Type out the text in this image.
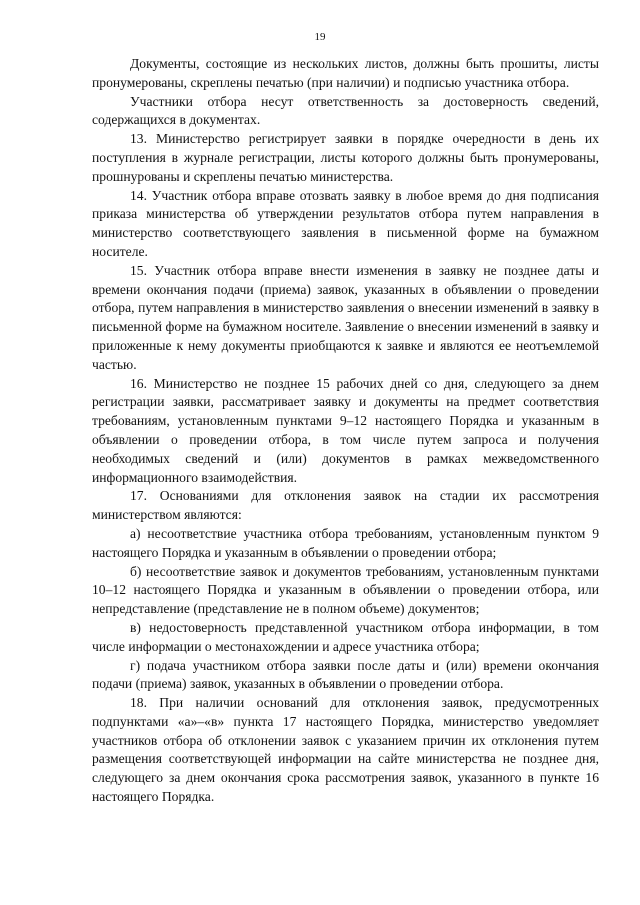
19

Документы, состоящие из нескольких листов, должны быть прошиты, листы пронумерованы, скреплены печатью (при наличии) и подписью участника отбора.

Участники отбора несут ответственность за достоверность сведений, содержащихся в документах.

13. Министерство регистрирует заявки в порядке очередности в день их поступления в журнале регистрации, листы которого должны быть пронумерованы, прошнурованы и скреплены печатью министерства.

14. Участник отбора вправе отозвать заявку в любое время до дня подписания приказа министерства об утверждении результатов отбора путем направления в министерство соответствующего заявления в письменной форме на бумажном носителе.

15. Участник отбора вправе внести изменения в заявку не позднее даты и времени окончания подачи (приема) заявок, указанных в объявлении о проведении отбора, путем направления в министерство заявления о внесении изменений в заявку в письменной форме на бумажном носителе. Заявление о внесении изменений в заявку и приложенные к нему документы приобщаются к заявке и являются ее неотъемлемой частью.

16. Министерство не позднее 15 рабочих дней со дня, следующего за днем регистрации заявки, рассматривает заявку и документы на предмет соответствия требованиям, установленным пунктами 9–12 настоящего Порядка и указанным в объявлении о проведении отбора, в том числе путем запроса и получения необходимых сведений и (или) документов в рамках межведомственного информационного взаимодействия.

17. Основаниями для отклонения заявок на стадии их рассмотрения министерством являются:

а) несоответствие участника отбора требованиям, установленным пунктом 9 настоящего Порядка и указанным в объявлении о проведении отбора;

б) несоответствие заявок и документов требованиям, установленным пунктами 10–12 настоящего Порядка и указанным в объявлении о проведении отбора, или непредставление (представление не в полном объеме) документов;

в) недостоверность представленной участником отбора информации, в том числе информации о местонахождении и адресе участника отбора;

г) подача участником отбора заявки после даты и (или) времени окончания подачи (приема) заявок, указанных в объявлении о проведении отбора.

18. При наличии оснований для отклонения заявок, предусмотренных подпунктами «а»–«в» пункта 17 настоящего Порядка, министерство уведомляет участников отбора об отклонении заявок с указанием причин их отклонения путем размещения соответствующей информации на сайте министерства не позднее дня, следующего за днем окончания срока рассмотрения заявок, указанного в пункте 16 настоящего Порядка.
